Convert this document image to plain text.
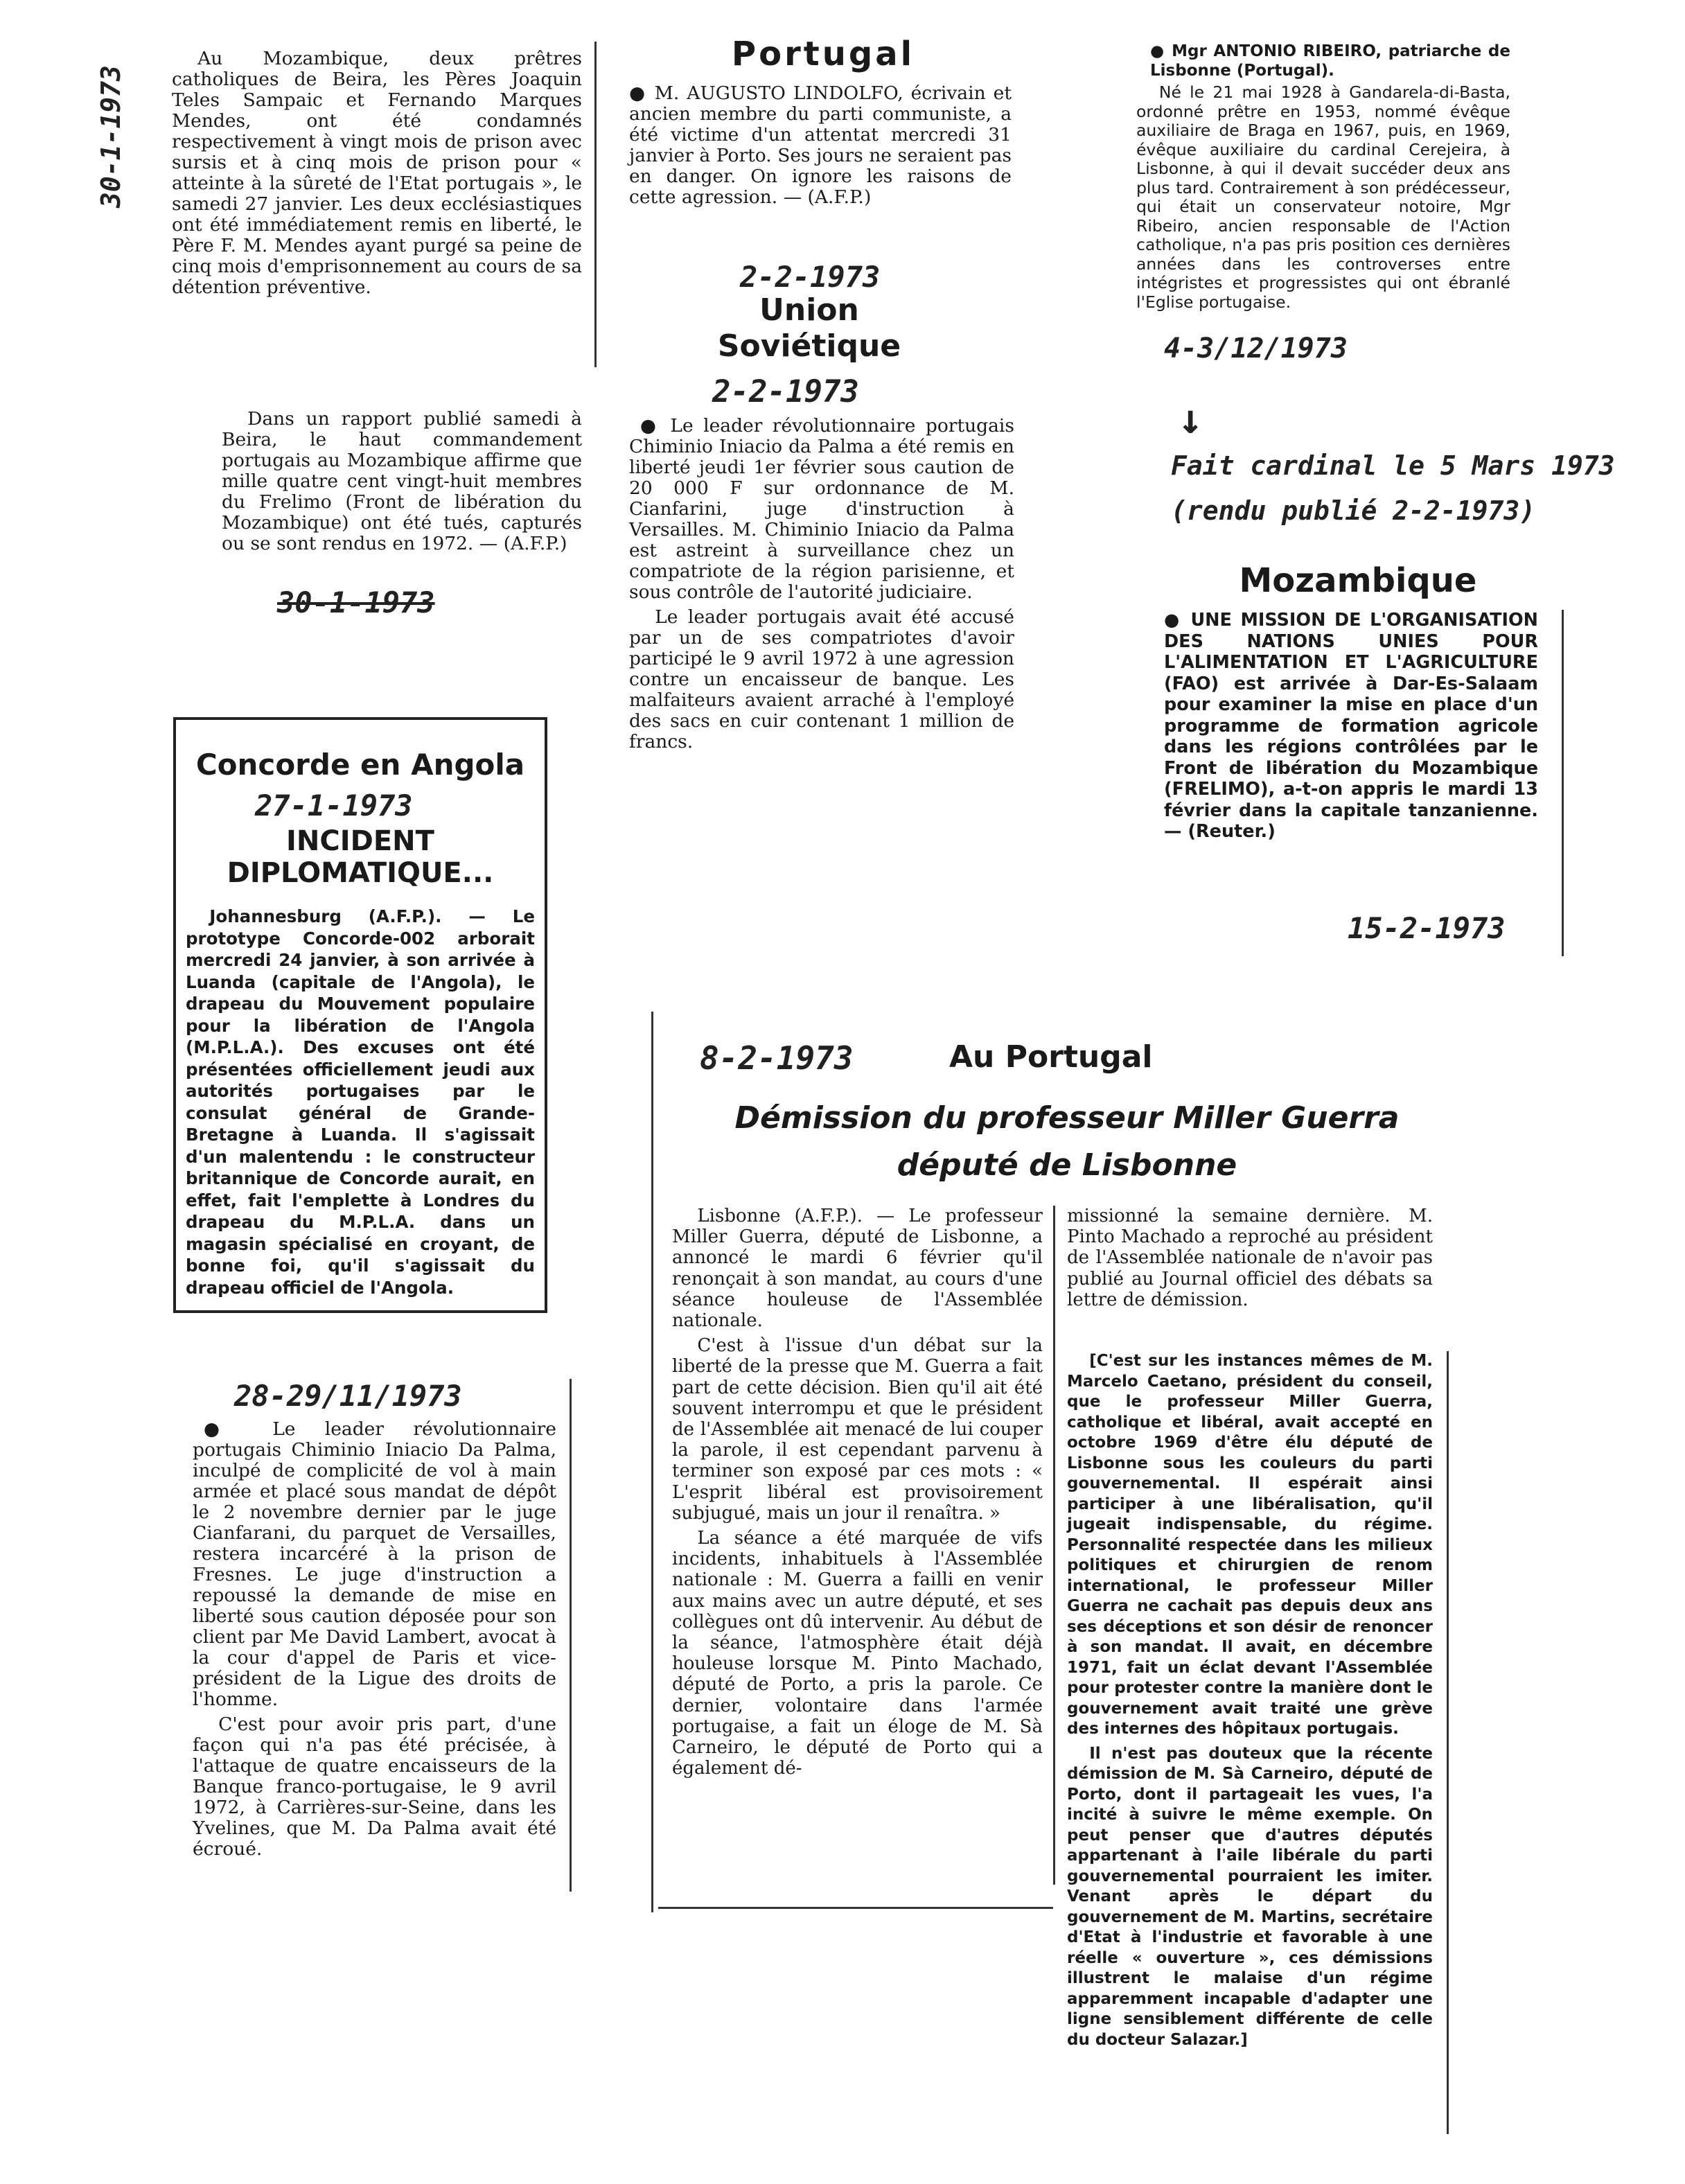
30-1-1973

Au Mozambique, deux prêtres catholiques de Beira, les Pères Joaquin Teles Sampaic et Fernando Marques Mendes, ont été condamnés respectivement à vingt mois de prison avec sursis et à cinq mois de prison pour « atteinte à la sûreté de l'Etat portugais », le samedi 27 janvier. Les deux ecclésiastiques ont été immédiatement remis en liberté, le Père F. M. Mendes ayant purgé sa peine de cinq mois d'emprisonnement au cours de sa détention préventive.

Portugal
● M. AUGUSTO LINDOLFO, écrivain et ancien membre du parti communiste, a été victime d'un attentat mercredi 31 janvier à Porto. Ses jours ne seraient pas en danger. On ignore les raisons de cette agression. — (A.F.P.)
2-2-1973
Union Soviétique
● Mgr ANTONIO RIBEIRO, patriarche de Lisbonne (Portugal).

Né le 21 mai 1928 à Gandarela-di-Basta, ordonné prêtre en 1953, nommé évêque auxiliaire de Braga en 1967, puis, en 1969, évêque auxiliaire du cardinal Cerejeira, à Lisbonne, à qui il devait succéder deux ans plus tard. Contrairement à son prédécesseur, qui était un conservateur notoire, Mgr Ribeiro, ancien responsable de l'Action catholique, n'a pas pris position ces dernières années dans les controverses entre intégristes et progressistes qui ont ébranlé l'Eglise portugaise.

4-3/12/1973

Dans un rapport publié samedi à Beira, le haut commandement portugais au Mozambique affirme que mille quatre cent vingt-huit membres du Frelimo (Front de libération du Mozambique) ont été tués, capturés ou se sont rendus en 1972. — (A.F.P.)

30-1-1973
2-2-1973

● Le leader révolutionnaire portugais Chiminio Iniacio da Palma a été remis en liberté jeudi 1er février sous caution de 20 000 F sur ordonnance de M. Cianfarini, juge d'instruction à Versailles. M. Chiminio Iniacio da Palma est astreint à surveillance chez un compatriote de la région parisienne, et sous contrôle de l'autorité judiciaire.

Le leader portugais avait été accusé par un de ses compatriotes d'avoir participé le 9 avril 1972 à une agression contre un encaisseur de banque. Les malfaiteurs avaient arraché à l'employé des sacs en cuir contenant 1 million de francs.

↓
Fait cardinal le 5 Mars 1973
(rendu publié 2-2-1973)
Mozambique
● UNE MISSION DE L'ORGANISATION DES NATIONS UNIES POUR L'ALIMENTATION ET L'AGRICULTURE (FAO) est arrivée à Dar-Es-Salaam pour examiner la mise en place d'un programme de formation agricole dans les régions contrôlées par le Front de libération du Mozambique (FRELIMO), a-t-on appris le mardi 13 février dans la capitale tanzanienne. — (Reuter.)
15-2-1973
Concorde en Angola
27-1-1973
INCIDENT DIPLOMATIQUE...

Johannesburg (A.F.P.). — Le prototype Concorde-002 arborait mercredi 24 janvier, à son arrivée à Luanda (capitale de l'Angola), le drapeau du Mouvement populaire pour la libération de l'Angola (M.P.L.A.). Des excuses ont été présentées officiellement jeudi aux autorités portugaises par le consulat général de Grande-Bretagne à Luanda. Il s'agissait d'un malentendu : le constructeur britannique de Concorde aurait, en effet, fait l'emplette à Londres du drapeau du M.P.L.A. dans un magasin spécialisé en croyant, de bonne foi, qu'il s'agissait du drapeau officiel de l'Angola.

28-29/11/1973

● Le leader révolutionnaire portugais Chiminio Iniacio Da Palma, inculpé de complicité de vol à main armée et placé sous mandat de dépôt le 2 novembre dernier par le juge Cianfarani, du parquet de Versailles, restera incarcéré à la prison de Fresnes. Le juge d'instruction a repoussé la demande de mise en liberté sous caution déposée pour son client par Me David Lambert, avocat à la cour d'appel de Paris et vice-président de la Ligue des droits de l'homme.

C'est pour avoir pris part, d'une façon qui n'a pas été précisée, à l'attaque de quatre encaisseurs de la Banque franco-portugaise, le 9 avril 1972, à Carrières-sur-Seine, dans les Yvelines, que M. Da Palma avait été écroué.

8-2-1973	Au Portugal
Démission du professeur Miller Guerra
député de Lisbonne

Lisbonne (A.F.P.). — Le professeur Miller Guerra, député de Lisbonne, a annoncé le mardi 6 février qu'il renonçait à son mandat, au cours d'une séance houleuse de l'Assemblée nationale.

C'est à l'issue d'un débat sur la liberté de la presse que M. Guerra a fait part de cette décision. Bien qu'il ait été souvent interrompu et que le président de l'Assemblée ait menacé de lui couper la parole, il est cependant parvenu à terminer son exposé par ces mots : « L'esprit libéral est provisoirement subjugué, mais un jour il renaîtra. »

La séance a été marquée de vifs incidents, inhabituels à l'Assemblée nationale : M. Guerra a failli en venir aux mains avec un autre député, et ses collègues ont dû intervenir. Au début de la séance, l'atmosphère était déjà houleuse lorsque M. Pinto Machado, député de Porto, a pris la parole. Ce dernier, volontaire dans l'armée portugaise, a fait un éloge de M. Sà Carneiro, le député de Porto qui a également dé-

missionné la semaine dernière. M. Pinto Machado a reproché au président de l'Assemblée nationale de n'avoir pas publié au Journal officiel des débats sa lettre de démission.

[C'est sur les instances mêmes de M. Marcelo Caetano, président du conseil, que le professeur Miller Guerra, catholique et libéral, avait accepté en octobre 1969 d'être élu député de Lisbonne sous les couleurs du parti gouvernemental. Il espérait ainsi participer à une libéralisation, qu'il jugeait indispensable, du régime. Personnalité respectée dans les milieux politiques et chirurgien de renom international, le professeur Miller Guerra ne cachait pas depuis deux ans ses déceptions et son désir de renoncer à son mandat. Il avait, en décembre 1971, fait un éclat devant l'Assemblée pour protester contre la manière dont le gouvernement avait traité une grève des internes des hôpitaux portugais.

Il n'est pas douteux que la récente démission de M. Sà Carneiro, député de Porto, dont il partageait les vues, l'a incité à suivre le même exemple. On peut penser que d'autres députés appartenant à l'aile libérale du parti gouvernemental pourraient les imiter. Venant après le départ du gouvernement de M. Martins, secrétaire d'Etat à l'industrie et favorable à une réelle « ouverture », ces démissions illustrent le malaise d'un régime apparemment incapable d'adapter une ligne sensiblement différente de celle du docteur Salazar.]
